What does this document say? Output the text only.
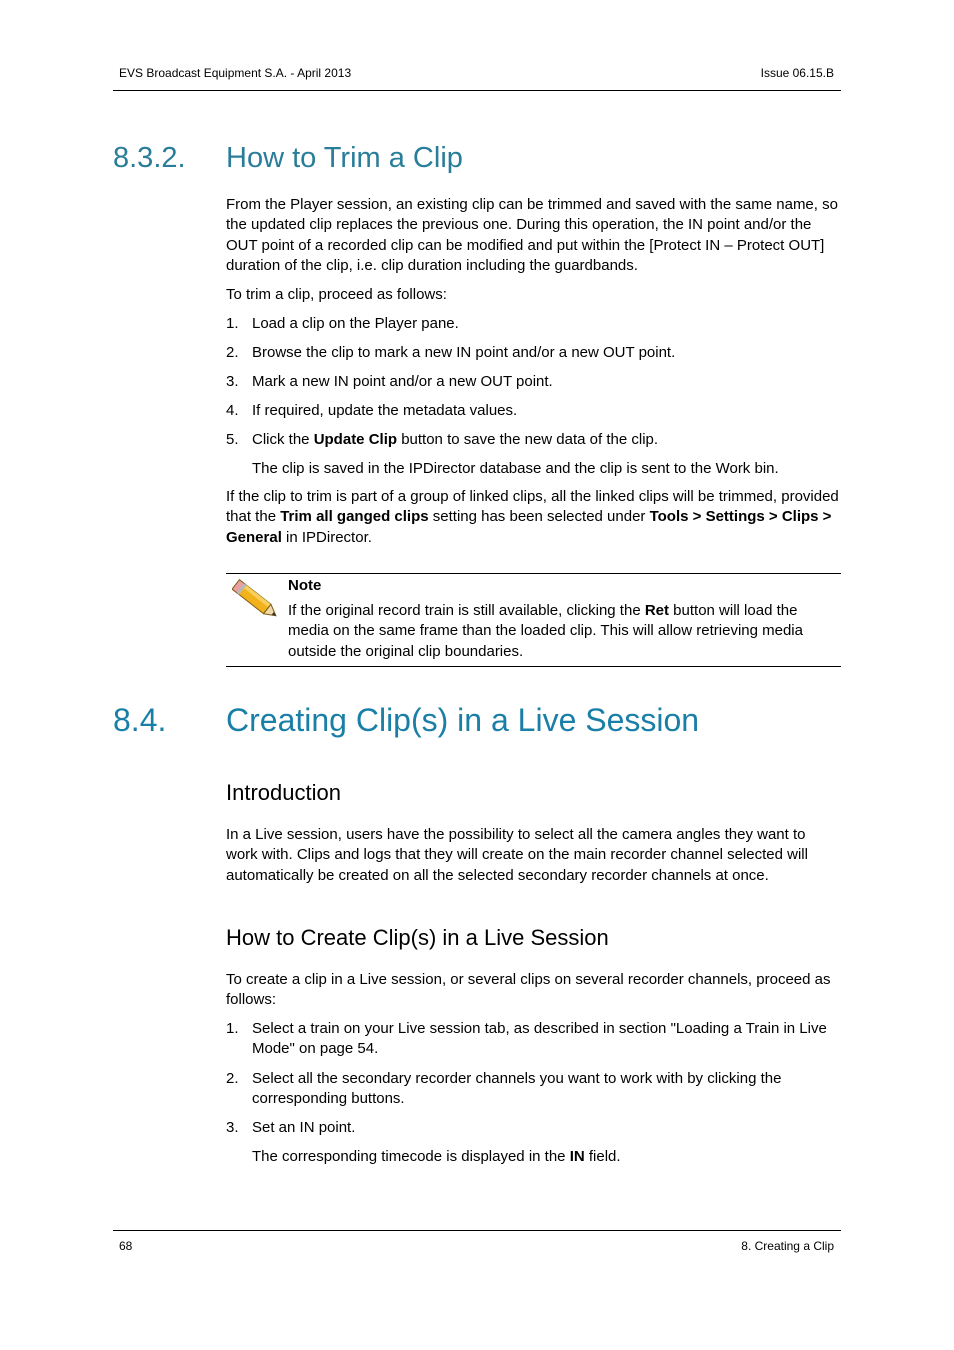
EVS Broadcast Equipment S.A. - April 2013	Issue 06.15.B
8.3.2. How to Trim a Clip
From the Player session, an existing clip can be trimmed and saved with the same name, so the updated clip replaces the previous one. During this operation, the IN point and/or the OUT point of a recorded clip can be modified and put within the [Protect IN – Protect OUT] duration of the clip, i.e. clip duration including the guardbands.
To trim a clip, proceed as follows:
1. Load a clip on the Player pane.
2. Browse the clip to mark a new IN point and/or a new OUT point.
3. Mark a new IN point and/or a new OUT point.
4. If required, update the metadata values.
5. Click the Update Clip button to save the new data of the clip.
The clip is saved in the IPDirector database and the clip is sent to the Work bin.
If the clip to trim is part of a group of linked clips, all the linked clips will be trimmed, provided that the Trim all ganged clips setting has been selected under Tools > Settings > Clips > General in IPDirector.
Note
If the original record train is still available, clicking the Ret button will load the media on the same frame than the loaded clip. This will allow retrieving media outside the original clip boundaries.
8.4. Creating Clip(s) in a Live Session
Introduction
In a Live session, users have the possibility to select all the camera angles they want to work with. Clips and logs that they will create on the main recorder channel selected will automatically be created on all the selected secondary recorder channels at once.
How to Create Clip(s) in a Live Session
To create a clip in a Live session, or several clips on several recorder channels, proceed as follows:
1. Select a train on your Live session tab, as described in section "Loading a Train in Live Mode" on page 54.
2. Select all the secondary recorder channels you want to work with by clicking the corresponding buttons.
3. Set an IN point.
The corresponding timecode is displayed in the IN field.
68	8. Creating a Clip
